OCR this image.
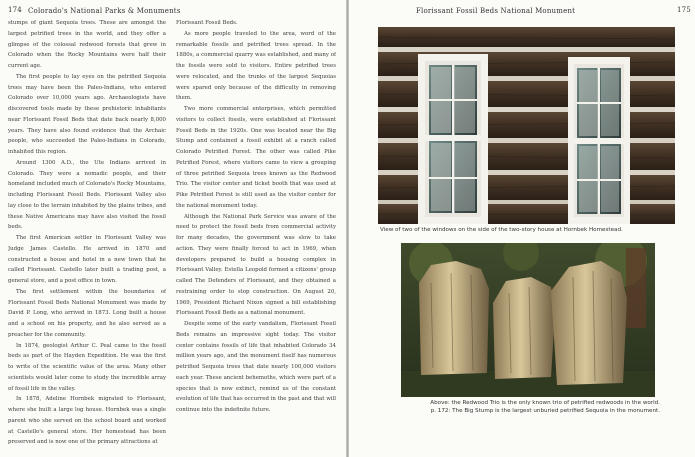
174 Colorado's National Parks & Monuments

stumps of giant Sequoia trees. These are amongst the largest petrified trees in the world, and they offer a glimpse of the colossal redwood forests that grew in Colorado when the Rocky Mountains were half their current age.

The first people to lay eyes on the petrified Sequoia trees may have been the Paleo-Indians, who entered Colorado over 10,000 years ago. Archaeologists have discovered tools made by these prehistoric inhabitants near Florissant Fossil Beds that date back nearly 8,000 years. They have also found evidence that the Archaic people, who succeeded the Paleo-Indians in Colorado, inhabited this region.

Around 1300 A.D., the Ute Indians arrived in Colorado. They were a nomadic people, and their homeland included much of Colorado's Rocky Mountains, including Florissant Fossil Beds. Florissant Valley also lay close to the terrain inhabited by the plains tribes, and these Native Americans may have also visited the fossil beds.

The first American settler in Florissant Valley was Judge James Castello. He arrived in 1870 and constructed a house and hotel in a new town that he called Florissant. Castello later built a trading post, a general store, and a post office in town.

The first settlement within the boundaries of Florissant Fossil Beds National Monument was made by David P. Long, who arrived in 1873. Long built a house and a school on his property, and he also served as a preacher for the community.

In 1874, geologist Arthur C. Peal came to the fossil beds as part of the Hayden Expedition. He was the first to write of the scientific value of the area. Many other scientists would later come to study the incredible array of fossil life in the valley.

In 1878, Adeline Hornbek migrated to Florissant, where she built a large log house. Hornbek was a single parent who she served on the school board and worked at Castello's general store. Her homestead has been preserved and is now one of the primary attractions at

Florissant Fossil Beds.

As more people traveled to the area, word of the remarkable fossils and petrified trees spread. In the 1880s, a commercial quarry was established, and many of the fossils were sold to visitors. Entire petrified trees were relocated, and the trunks of the largest Sequoias were spared only because of the difficulty in removing them.

Two more commercial enterprises, which permitted visitors to collect fossils, were established at Florissant Fossil Beds in the 1920s. One was located near the Big Stump and contained a fossil exhibit at a ranch called Colorado Petrified Forest. The other was called Pike Petrified Forest, where visitors came to view a grouping of three petrified Sequoia trees known as the Redwood Trio. The visitor center and ticket booth that was used at Pike Petrified Forest is still used as the visitor center for the national monument today.

Although the National Park Service was aware of the need to protect the fossil beds from commercial activity for many decades, the government was slow to take action. They were finally forced to act in 1969, when developers prepared to build a housing complex in Florissant Valley. Estella Leopold formed a citizens' group called The Defenders of Florissant, and they obtained a restraining order to stop construction. On August 20, 1969, President Richard Nixon signed a bill establishing Florissant Fossil Beds as a national monument.

Despite some of the early vandalism, Florissant Fossil Beds remains an impressive sight today. The visitor center contains fossils of life that inhabited Colorado 34 million years ago, and the monument itself has numerous petrified Sequoia trees that date nearly 100,000 visitors each year. These ancient behemoths, which were part of a species that is now extinct, remind us of the constant evolution of life that has occurred in the past and that will continue into the indefinite future.

Florissant Fossil Beds National Monument	175
View of two of the windows on the side of the two-story house at Hornbek Homestead.
Above: the Redwood Trio is the only known trio of petrified redwoods in the world.
p. 172: The Big Stump is the largest unburied petrified Sequoia in the monument.
